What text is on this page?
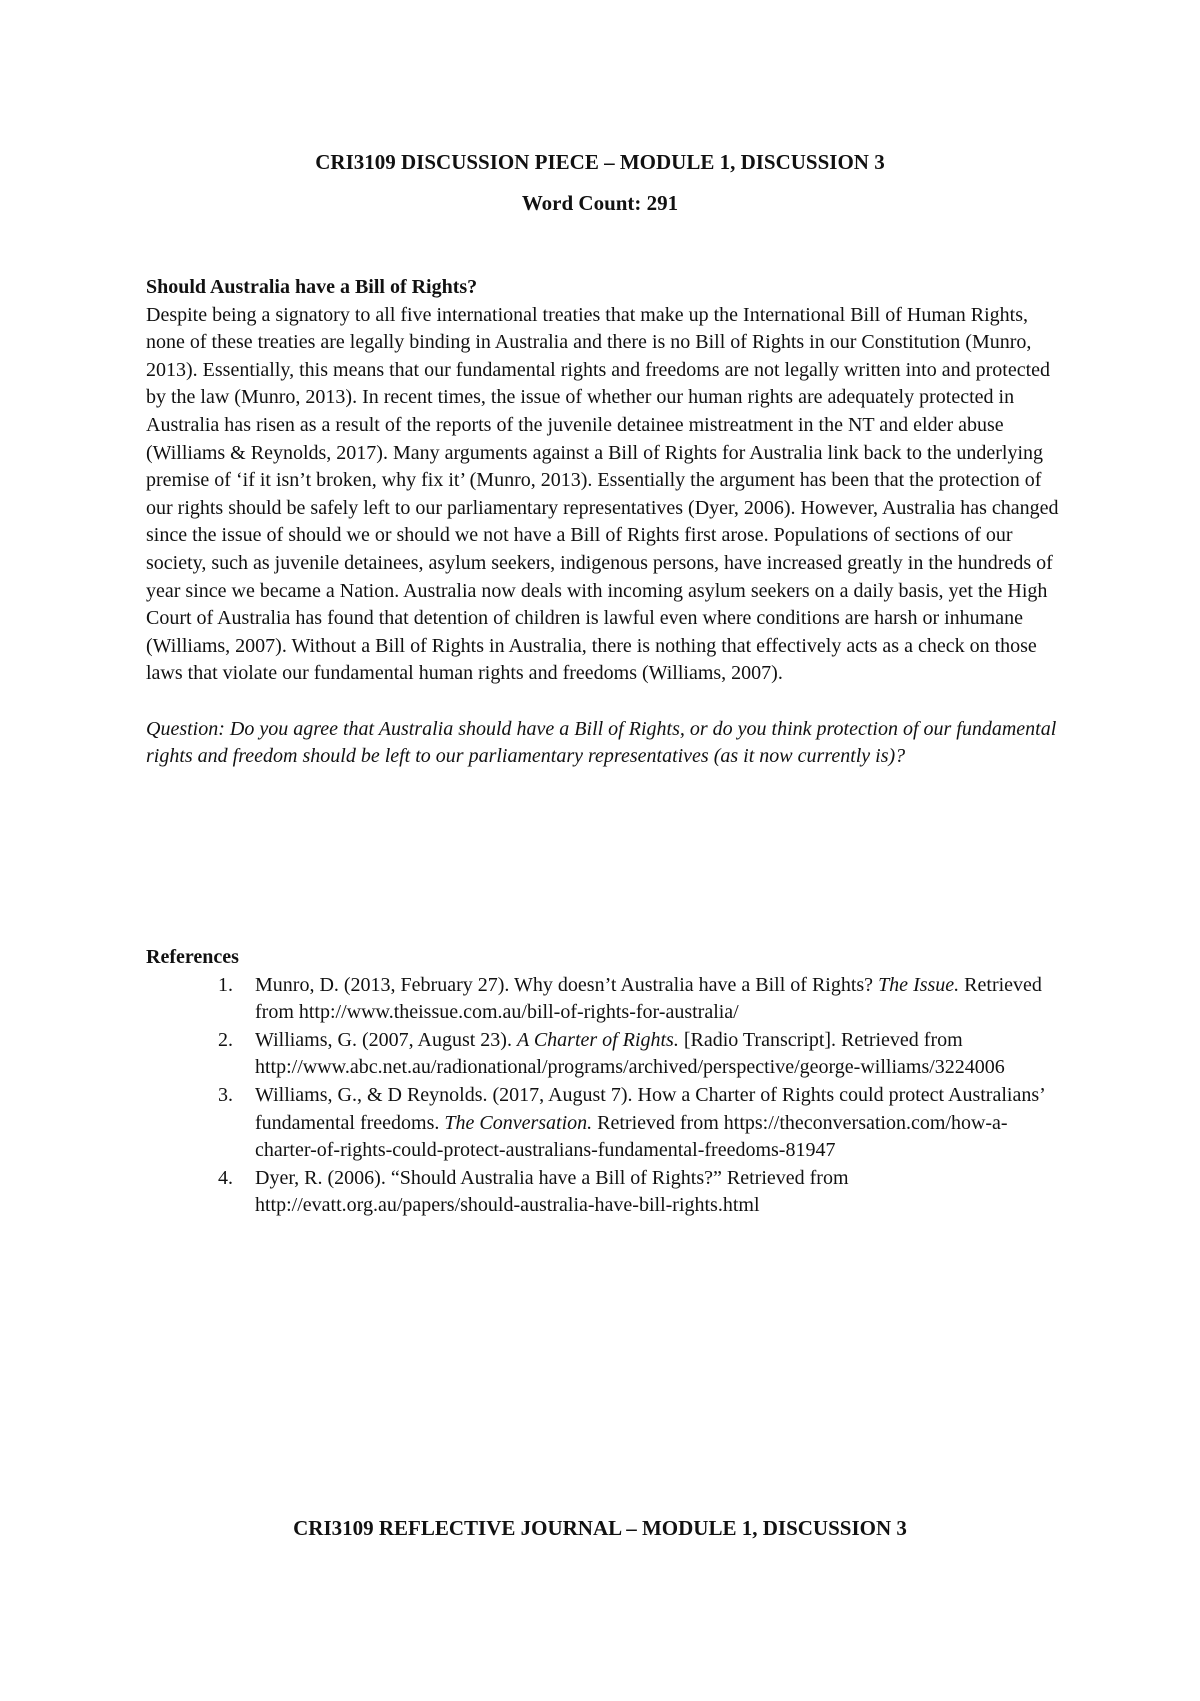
CRI3109 DISCUSSION PIECE – MODULE 1, DISCUSSION 3

Word Count: 291

Should Australia have a Bill of Rights?

Despite being a signatory to all five international treaties that make up the International Bill of Human Rights, none of these treaties are legally binding in Australia and there is no Bill of Rights in our Constitution (Munro, 2013). Essentially, this means that our fundamental rights and freedoms are not legally written into and protected by the law (Munro, 2013). In recent times, the issue of whether our human rights are adequately protected in Australia has risen as a result of the reports of the juvenile detainee mistreatment in the NT and elder abuse (Williams & Reynolds, 2017). Many arguments against a Bill of Rights for Australia link back to the underlying premise of ‘if it isn’t broken, why fix it’ (Munro, 2013). Essentially the argument has been that the protection of our rights should be safely left to our parliamentary representatives (Dyer, 2006). However, Australia has changed since the issue of should we or should we not have a Bill of Rights first arose. Populations of sections of our society, such as juvenile detainees, asylum seekers, indigenous persons, have increased greatly in the hundreds of year since we became a Nation. Australia now deals with incoming asylum seekers on a daily basis, yet the High Court of Australia has found that detention of children is lawful even where conditions are harsh or inhumane (Williams, 2007). Without a Bill of Rights in Australia, there is nothing that effectively acts as a check on those laws that violate our fundamental human rights and freedoms (Williams, 2007).

Question: Do you agree that Australia should have a Bill of Rights, or do you think protection of our fundamental rights and freedom should be left to our parliamentary representatives (as it now currently is)?

References
1. Munro, D. (2013, February 27). Why doesn’t Australia have a Bill of Rights? The Issue. Retrieved from http://www.theissue.com.au/bill-of-rights-for-australia/
2. Williams, G. (2007, August 23). A Charter of Rights. [Radio Transcript]. Retrieved from http://www.abc.net.au/radionational/programs/archived/perspective/george-williams/3224006
3. Williams, G., & D Reynolds. (2017, August 7). How a Charter of Rights could protect Australians’ fundamental freedoms. The Conversation. Retrieved from https://theconversation.com/how-a-charter-of-rights-could-protect-australians-fundamental-freedoms-81947
4. Dyer, R. (2006). “Should Australia have a Bill of Rights?” Retrieved from http://evatt.org.au/papers/should-australia-have-bill-rights.html

CRI3109 REFLECTIVE JOURNAL – MODULE 1, DISCUSSION 3
